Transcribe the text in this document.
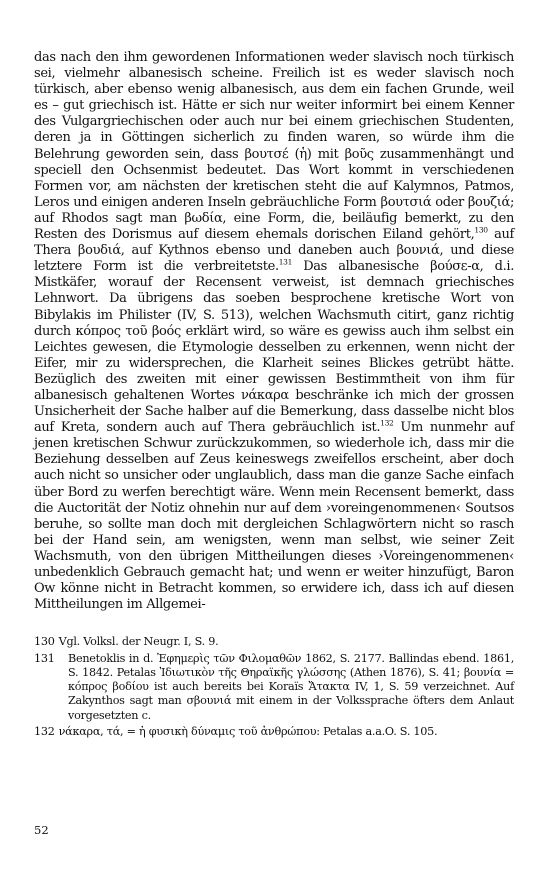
das nach den ihm gewordenen Informationen weder slavisch noch türkisch sei, vielmehr albanesisch scheine. Freilich ist es weder slavisch noch türkisch, aber ebenso wenig albanesisch, aus dem ein fachen Grunde, weil es – gut griechisch ist. Hätte er sich nur weiter informirt bei einem Kenner des Vulgargriechischen oder auch nur bei einem griechischen Studenten, deren ja in Göttingen sicherlich zu finden waren, so würde ihm die Belehrung geworden sein, dass βουτσέ (ἡ) mit βοῦς zusammenhängt und speciell den Ochsenmist bedeutet. Das Wort kommt in verschiedenen Formen vor, am nächsten der kretischen steht die auf Kalymnos, Patmos, Leros und einigen anderen Inseln gebräuchliche Form βουτσιά oder βουζιά; auf Rhodos sagt man βωδία, eine Form, die, beiläufig bemerkt, zu den Resten des Dorismus auf diesem ehemals dorischen Eiland gehört,$^{130}$ auf Thera βουδιά, auf Kythnos ebenso und daneben auch βουνιά, und diese letztere Form ist die verbreitetste.$^{131}$ Das albanesische βούσε-α, d.i. Mistkäfer, worauf der Recensent verweist, ist demnach griechisches Lehnwort. Da übrigens das soeben besprochene kretische Wort von Bibylakis im Philister (IV, S. 513), welchen Wachsmuth citirt, ganz richtig durch κόπρος τοῦ βοός erklärt wird, so wäre es gewiss auch ihm selbst ein Leichtes gewesen, die Etymologie desselben zu erkennen, wenn nicht der Eifer, mir zu widersprechen, die Klarheit seines Blickes getrübt hätte. Bezüglich des zweiten mit einer gewissen Bestimmtheit von ihm für albanesisch gehaltenen Wortes νάκαρα beschränke ich mich der grossen Unsicherheit der Sache halber auf die Bemerkung, dass dasselbe nicht blos auf Kreta, sondern auch auf Thera gebräuchlich ist.$^{132}$ Um nunmehr auf jenen kretischen Schwur zurückzukommen, so wiederhole ich, dass mir die Beziehung desselben auf Zeus keineswegs zweifellos erscheint, aber doch auch nicht so unsicher oder unglaublich, dass man die ganze Sache einfach über Bord zu werfen berechtigt wäre. Wenn mein Recensent bemerkt, dass die Auctorität der Notiz ohnehin nur auf dem ›voreingenommenen‹ Soutsos beruhe, so sollte man doch mit dergleichen Schlagwörtern nicht so rasch bei der Hand sein, am wenigsten, wenn man selbst, wie seiner Zeit Wachsmuth, von den übrigen Mittheilungen dieses ›Voreingenommenen‹ unbedenklich Gebrauch gemacht hat; und wenn er weiter hinzufügt, Baron Ow könne nicht in Betracht kommen, so erwidere ich, dass ich auf diesen Mittheilungen im Allgemei-
130 Vgl. Volksl. der Neugr. I, S. 9.
131 Benetoklis in d. Ἐφημερὶς τῶν Φιλομαθῶν 1862, S. 2177. Ballindas ebend. 1861, S. 1842. Petalas Ἰδιωτικὸν τῆς Θηραϊκῆς γλώσσης (Athen 1876), S. 41; βουνία = κόπρος βοδίου ist auch bereits bei Koraïs Ἄτακτα IV, 1, S. 59 verzeichnet. Auf Zakynthos sagt man σβουνιά mit einem in der Volkssprache öfters dem Anlaut vorgesetzten c.
132 νάκαρα, τά, = ἡ φυσικὴ δύναμις τοῦ ἀνθρώπου: Petalas a.a.O. S. 105.
52
